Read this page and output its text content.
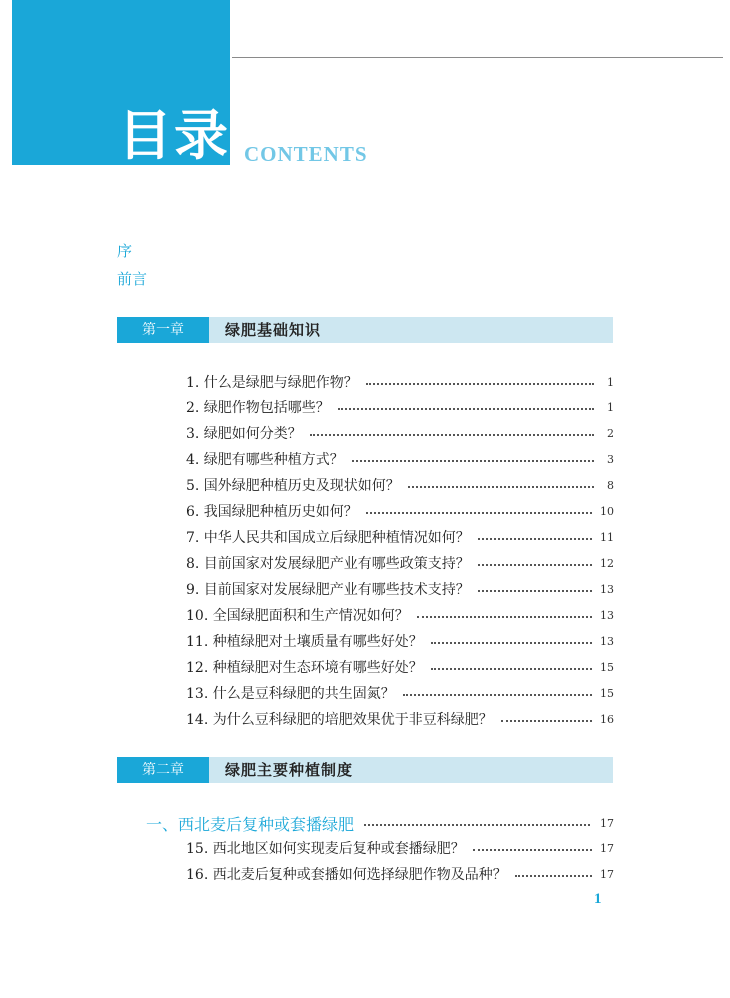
目录 CONTENTS
序
前言
第一章	绿肥基础知识
1. 什么是绿肥与绿肥作物？	1
2. 绿肥作物包括哪些？	1
3. 绿肥如何分类？	2
4. 绿肥有哪些种植方式？	3
5. 国外绿肥种植历史及现状如何？	8
6. 我国绿肥种植历史如何？	10
7. 中华人民共和国成立后绿肥种植情况如何？	11
8. 目前国家对发展绿肥产业有哪些政策支持？	12
9. 目前国家对发展绿肥产业有哪些技术支持？	13
10. 全国绿肥面积和生产情况如何？	13
11. 种植绿肥对土壤质量有哪些好处？	13
12. 种植绿肥对生态环境有哪些好处？	15
13. 什么是豆科绿肥的共生固氮？	15
14. 为什么豆科绿肥的培肥效果优于非豆科绿肥？	16
第二章	绿肥主要种植制度
一、西北麦后复种或套播绿肥	17
15. 西北地区如何实现麦后复种或套播绿肥？	17
16. 西北麦后复种或套播如何选择绿肥作物及品种？	17
1
